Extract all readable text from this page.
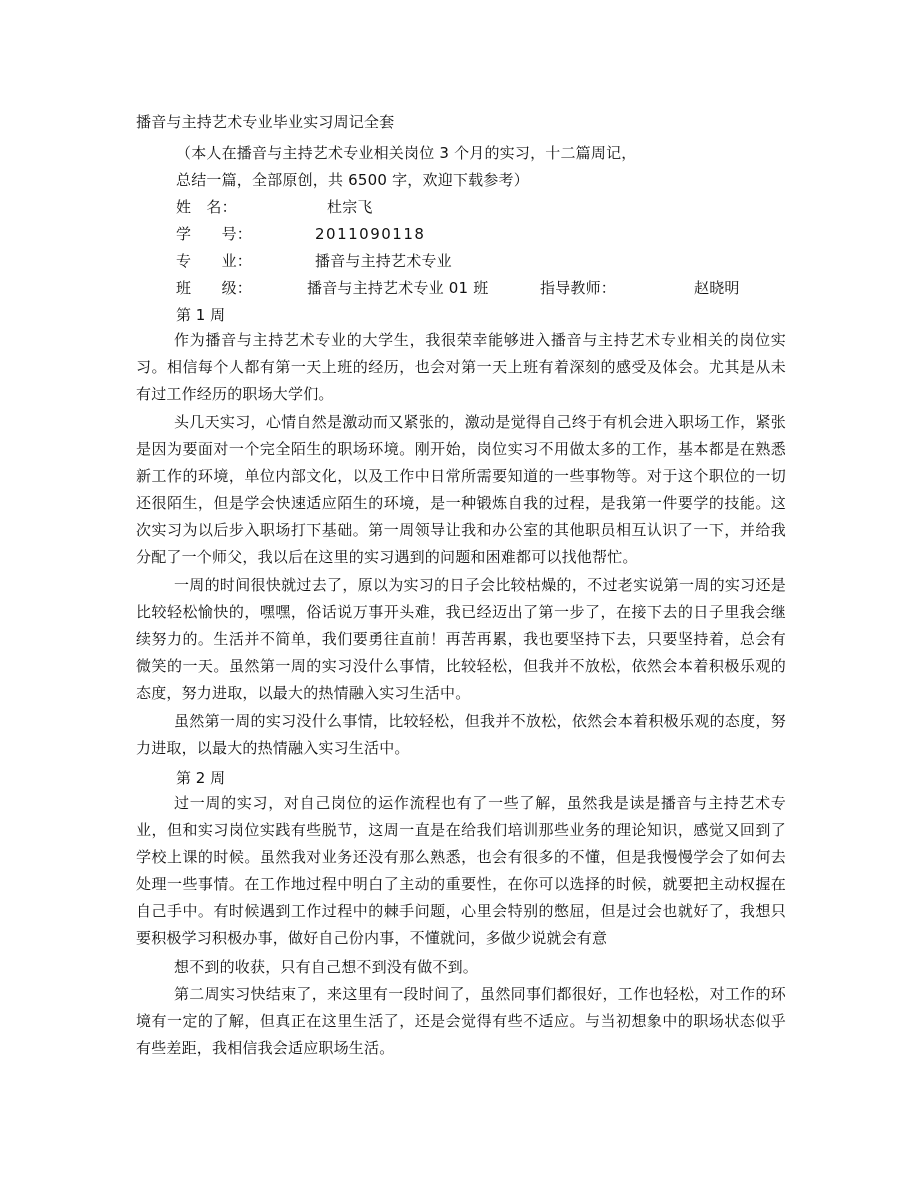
播音与主持艺术专业毕业实习周记全套
（本人在播音与主持艺术专业相关岗位 3 个月的实习，十二篇周记，
总结一篇，全部原创，共 6500 字，欢迎下载参考）
姓　名：	杜宗飞
学　　号：	2011090118
专　　业：	播音与主持艺术专业
班　　级：	播音与主持艺术专业 01 班	指导教师：	赵晓明
第 1 周
作为播音与主持艺术专业的大学生，我很荣幸能够进入播音与主持艺术专业相关的岗位实习。相信每个人都有第一天上班的经历，也会对第一天上班有着深刻的感受及体会。尤其是从未有过工作经历的职场大学们。
头几天实习，心情自然是激动而又紧张的，激动是觉得自己终于有机会进入职场工作，紧张是因为要面对一个完全陌生的职场环境。刚开始，岗位实习不用做太多的工作，基本都是在熟悉新工作的环境，单位内部文化，以及工作中日常所需要知道的一些事物等。对于这个职位的一切还很陌生，但是学会快速适应陌生的环境，是一种锻炼自我的过程，是我第一件要学的技能。这次实习为以后步入职场打下基础。第一周领导让我和办公室的其他职员相互认识了一下，并给我分配了一个师父，我以后在这里的实习遇到的问题和困难都可以找他帮忙。
一周的时间很快就过去了，原以为实习的日子会比较枯燥的，不过老实说第一周的实习还是比较轻松愉快的，嘿嘿，俗话说万事开头难，我已经迈出了第一步了，在接下去的日子里我会继续努力的。生活并不简单，我们要勇往直前！再苦再累，我也要坚持下去，只要坚持着，总会有微笑的一天。虽然第一周的实习没什么事情，比较轻松，但我并不放松，依然会本着积极乐观的态度，努力进取，以最大的热情融入实习生活中。
虽然第一周的实习没什么事情，比较轻松，但我并不放松，依然会本着积极乐观的态度，努力进取，以最大的热情融入实习生活中。
第 2 周
过一周的实习，对自己岗位的运作流程也有了一些了解，虽然我是读是播音与主持艺术专业，但和实习岗位实践有些脱节，这周一直是在给我们培训那些业务的理论知识，感觉又回到了学校上课的时候。虽然我对业务还没有那么熟悉，也会有很多的不懂，但是我慢慢学会了如何去处理一些事情。在工作地过程中明白了主动的重要性，在你可以选择的时候，就要把主动权握在自己手中。有时候遇到工作过程中的棘手问题，心里会特别的憋屈，但是过会也就好了，我想只要积极学习积极办事，做好自己份内事，不懂就问，多做少说就会有意
想不到的收获，只有自己想不到没有做不到。
第二周实习快结束了，来这里有一段时间了，虽然同事们都很好，工作也轻松，对工作的环境有一定的了解，但真正在这里生活了，还是会觉得有些不适应。与当初想象中的职场状态似乎有些差距，我相信我会适应职场生活。
